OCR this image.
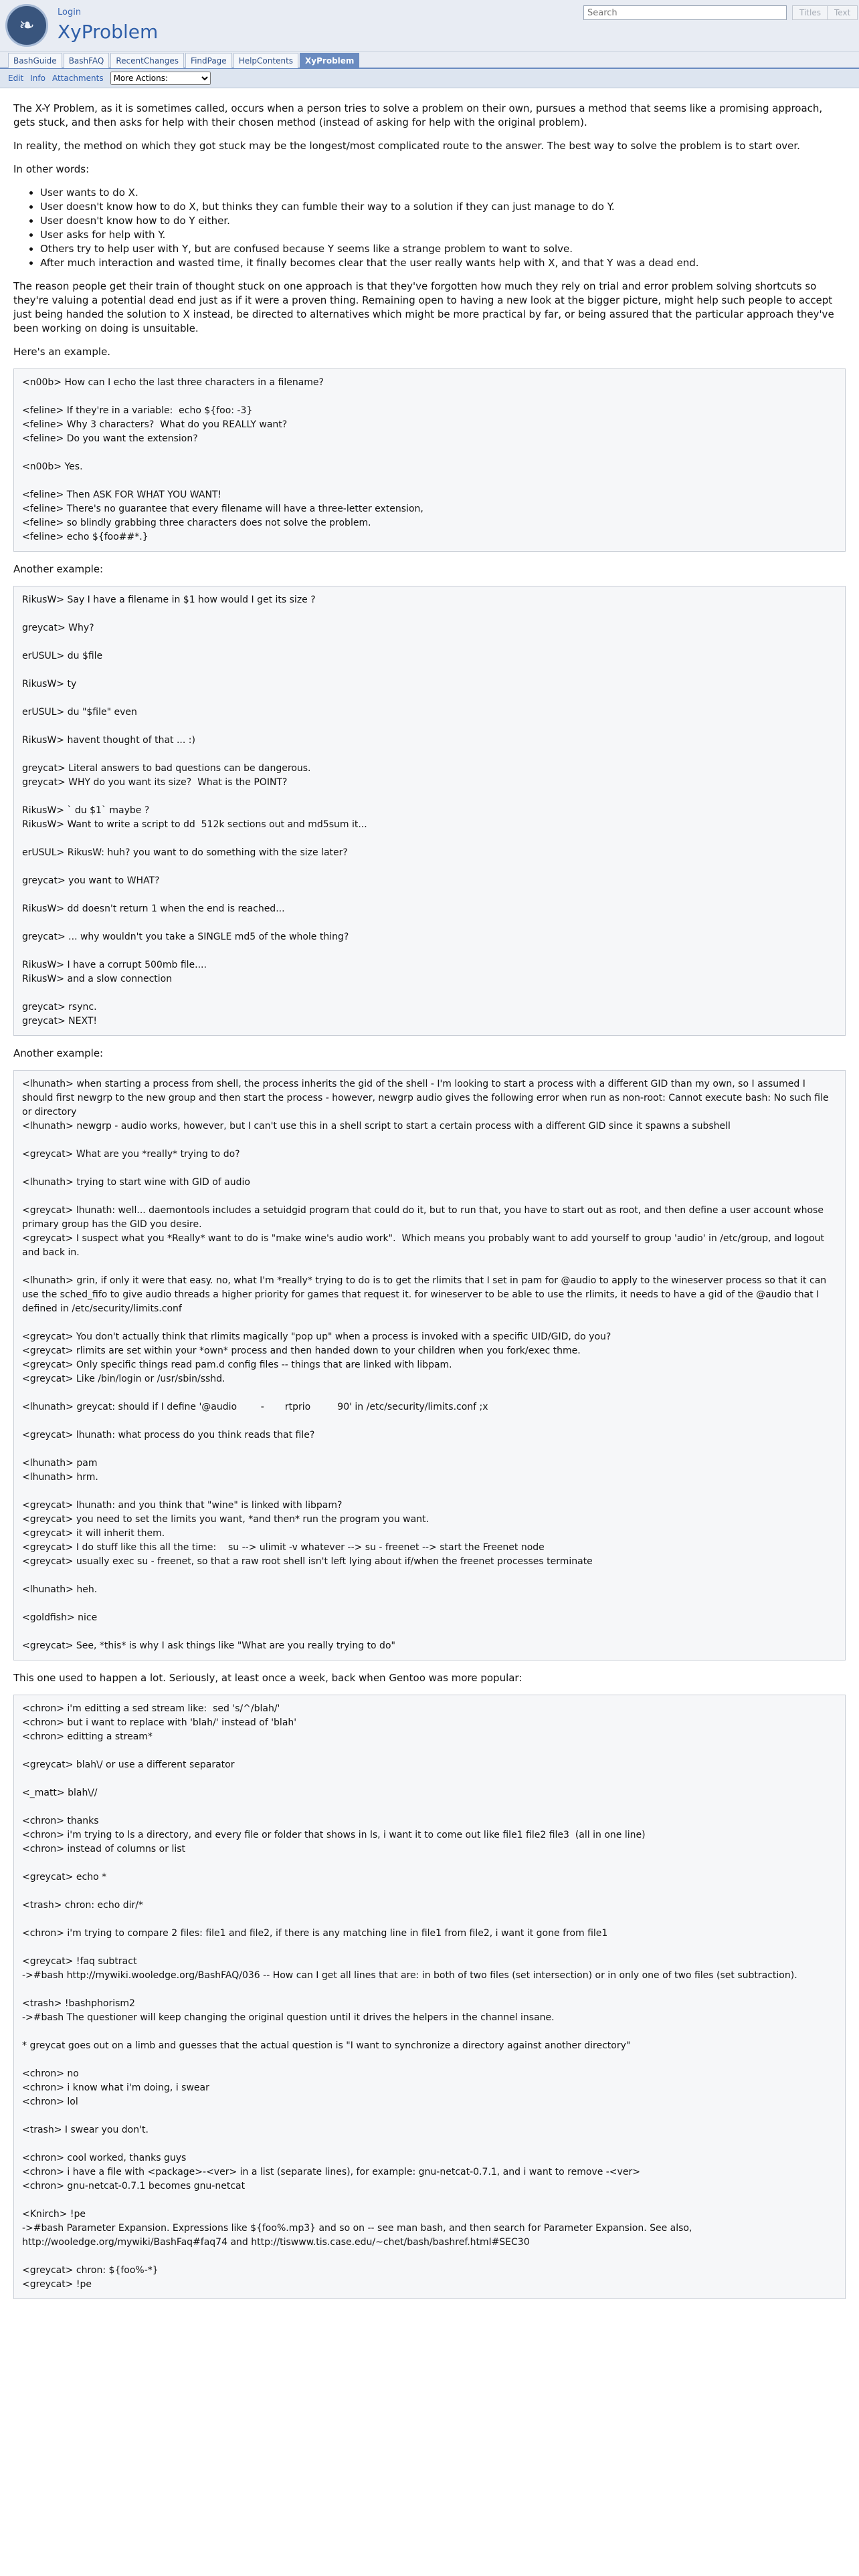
❧
Login
XyProblem
Search
Titles	Text
BashGuide BashFAQ RecentChanges FindPage HelpContents XyProblem
Edit Info Attachments
More Actions:

The X-Y Problem, as it is sometimes called, occurs when a person tries to solve a problem on their own, pursues a method that seems like a promising approach, gets stuck, and then asks for help with their chosen method (instead of asking for help with the original problem).

In reality, the method on which they got stuck may be the longest/most complicated route to the answer. The best way to solve the problem is to start over.

In other words:

• User wants to do X.
• User doesn't know how to do X, but thinks they can fumble their way to a solution if they can just manage to do Y.
• User doesn't know how to do Y either.
• User asks for help with Y.
• Others try to help user with Y, but are confused because Y seems like a strange problem to want to solve.
• After much interaction and wasted time, it finally becomes clear that the user really wants help with X, and that Y was a dead end.

The reason people get their train of thought stuck on one approach is that they've forgotten how much they rely on trial and error problem solving shortcuts so they're valuing a potential dead end just as if it were a proven thing. Remaining open to having a new look at the bigger picture, might help such people to accept just being handed the solution to X instead, be directed to alternatives which might be more practical by far, or being assured that the particular approach they've been working on doing is unsuitable.

Here's an example.

<n00b> How can I echo the last three characters in a filename?

<feline> If they're in a variable:  echo ${foo: -3}
<feline> Why 3 characters?  What do you REALLY want?
<feline> Do you want the extension?

<n00b> Yes.

<feline> Then ASK FOR WHAT YOU WANT!
<feline> There's no guarantee that every filename will have a three-letter extension,
<feline> so blindly grabbing three characters does not solve the problem.
<feline> echo ${foo##*.}

Another example:

RikusW> Say I have a filename in $1 how would I get its size ?

greycat> Why?

erUSUL> du $file

RikusW> ty

erUSUL> du "$file" even

RikusW> havent thought of that ... :)

greycat> Literal answers to bad questions can be dangerous.
greycat> WHY do you want its size?  What is the POINT?

RikusW> ` du $1` maybe ?
RikusW> Want to write a script to dd  512k sections out and md5sum it...

erUSUL> RikusW: huh? you want to do something with the size later?

greycat> you want to WHAT?

RikusW> dd doesn't return 1 when the end is reached...

greycat> ... why wouldn't you take a SINGLE md5 of the whole thing?

RikusW> I have a corrupt 500mb file....
RikusW> and a slow connection

greycat> rsync.
greycat> NEXT!

Another example:

<lhunath> when starting a process from shell, the process inherits the gid of the shell - I'm looking to start a process with a different GID than my own, so I assumed I should first newgrp to the new group and then start the process - however, newgrp audio gives the following error when run as non-root: Cannot execute bash: No such file or directory
<lhunath> newgrp - audio works, however, but I can't use this in a shell script to start a certain process with a different GID since it spawns a subshell

<greycat> What are you *really* trying to do?

<lhunath> trying to start wine with GID of audio

<greycat> lhunath: well... daemontools includes a setuidgid program that could do it, but to run that, you have to start out as root, and then define a user account whose primary group has the GID you desire.
<greycat> I suspect what you *Really* want to do is "make wine's audio work".  Which means you probably want to add yourself to group 'audio' in /etc/group, and logout and back in.

<lhunath> grin, if only it were that easy. no, what I'm *really* trying to do is to get the rlimits that I set in pam for @audio to apply to the wineserver process so that it can use the sched_fifo to give audio threads a higher priority for games that request it. for wineserver to be able to use the rlimits, it needs to have a gid of the @audio that I defined in /etc/security/limits.conf

<greycat> You don't actually think that rlimits magically "pop up" when a process is invoked with a specific UID/GID, do you?
<greycat> rlimits are set within your *own* process and then handed down to your children when you fork/exec thme.
<greycat> Only specific things read pam.d config files -- things that are linked with libpam.
<greycat> Like /bin/login or /usr/sbin/sshd.

<lhunath> greycat: should if I define '@audio        -       rtprio         90' in /etc/security/limits.conf ;x

<greycat> lhunath: what process do you think reads that file?

<lhunath> pam
<lhunath> hrm.

<greycat> lhunath: and you think that "wine" is linked with libpam?
<greycat> you need to set the limits you want, *and then* run the program you want.
<greycat> it will inherit them.
<greycat> I do stuff like this all the time:    su --> ulimit -v whatever --> su - freenet --> start the Freenet node
<greycat> usually exec su - freenet, so that a raw root shell isn't left lying about if/when the freenet processes terminate

<lhunath> heh.

<goldfish> nice

<greycat> See, *this* is why I ask things like "What are you really trying to do"

This one used to happen a lot. Seriously, at least once a week, back when Gentoo was more popular:

<chron> i'm editting a sed stream like:  sed 's/^/blah/'
<chron> but i want to replace with 'blah/' instead of 'blah'
<chron> editting a stream*

<greycat> blah\/ or use a different separator

<_matt> blah\//

<chron> thanks
<chron> i'm trying to ls a directory, and every file or folder that shows in ls, i want it to come out like file1 file2 file3  (all in one line)
<chron> instead of columns or list

<greycat> echo *

<trash> chron: echo dir/*

<chron> i'm trying to compare 2 files: file1 and file2, if there is any matching line in file1 from file2, i want it gone from file1

<greycat> !faq subtract
->#bash http://mywiki.wooledge.org/BashFAQ/036 -- How can I get all lines that are: in both of two files (set intersection) or in only one of two files (set subtraction).

<trash> !bashphorism2
->#bash The questioner will keep changing the original question until it drives the helpers in the channel insane.

* greycat goes out on a limb and guesses that the actual question is "I want to synchronize a directory against another directory"

<chron> no
<chron> i know what i'm doing, i swear
<chron> lol

<trash> I swear you don't.

<chron> cool worked, thanks guys
<chron> i have a file with <package>-<ver> in a list (separate lines), for example: gnu-netcat-0.7.1, and i want to remove -<ver>
<chron> gnu-netcat-0.7.1 becomes gnu-netcat

<Knirch> !pe
->#bash Parameter Expansion. Expressions like ${foo%.mp3} and so on -- see man bash, and then search for Parameter Expansion. See also, http://wooledge.org/mywiki/BashFaq#faq74 and http://tiswww.tis.case.edu/~chet/bash/bashref.html#SEC30

<greycat> chron: ${foo%-*}
<greycat> !pe
